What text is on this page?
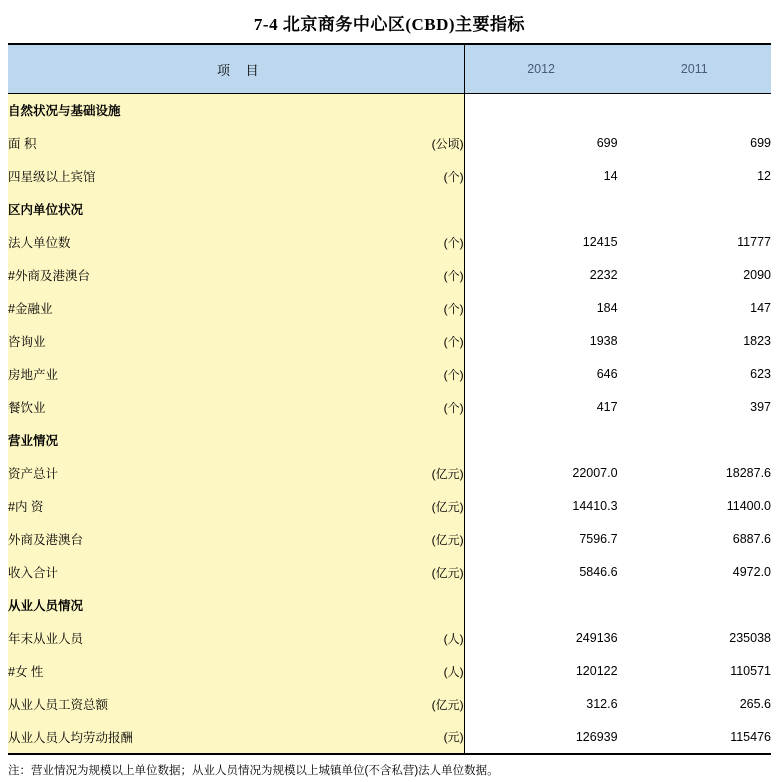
7-4 北京商务中心区(CBD)主要指标
项 目		2012	2011
自然状况与基础设施			
面 积	(公顷)	699	699
四星级以上宾馆	(个)	14	12
区内单位状况			
法人单位数	(个)	12415	11777
#外商及港澳台	(个)	2232	2090
#金融业	(个)	184	147
咨询业	(个)	1938	1823
房地产业	(个)	646	623
餐饮业	(个)	417	397
营业情况			
资产总计	(亿元)	22007.0	18287.6
#内 资	(亿元)	14410.3	11400.0
外商及港澳台	(亿元)	7596.7	6887.6
收入合计	(亿元)	5846.6	4972.0
从业人员情况			
年末从业人员	(人)	249136	235038
#女 性	(人)	120122	110571
从业人员工资总额	(亿元)	312.6	265.6
从业人员人均劳动报酬	(元)	126939	115476
注：营业情况为规模以上单位数据；从业人员情况为规模以上城镇单位(不含私营)法人单位数据。
